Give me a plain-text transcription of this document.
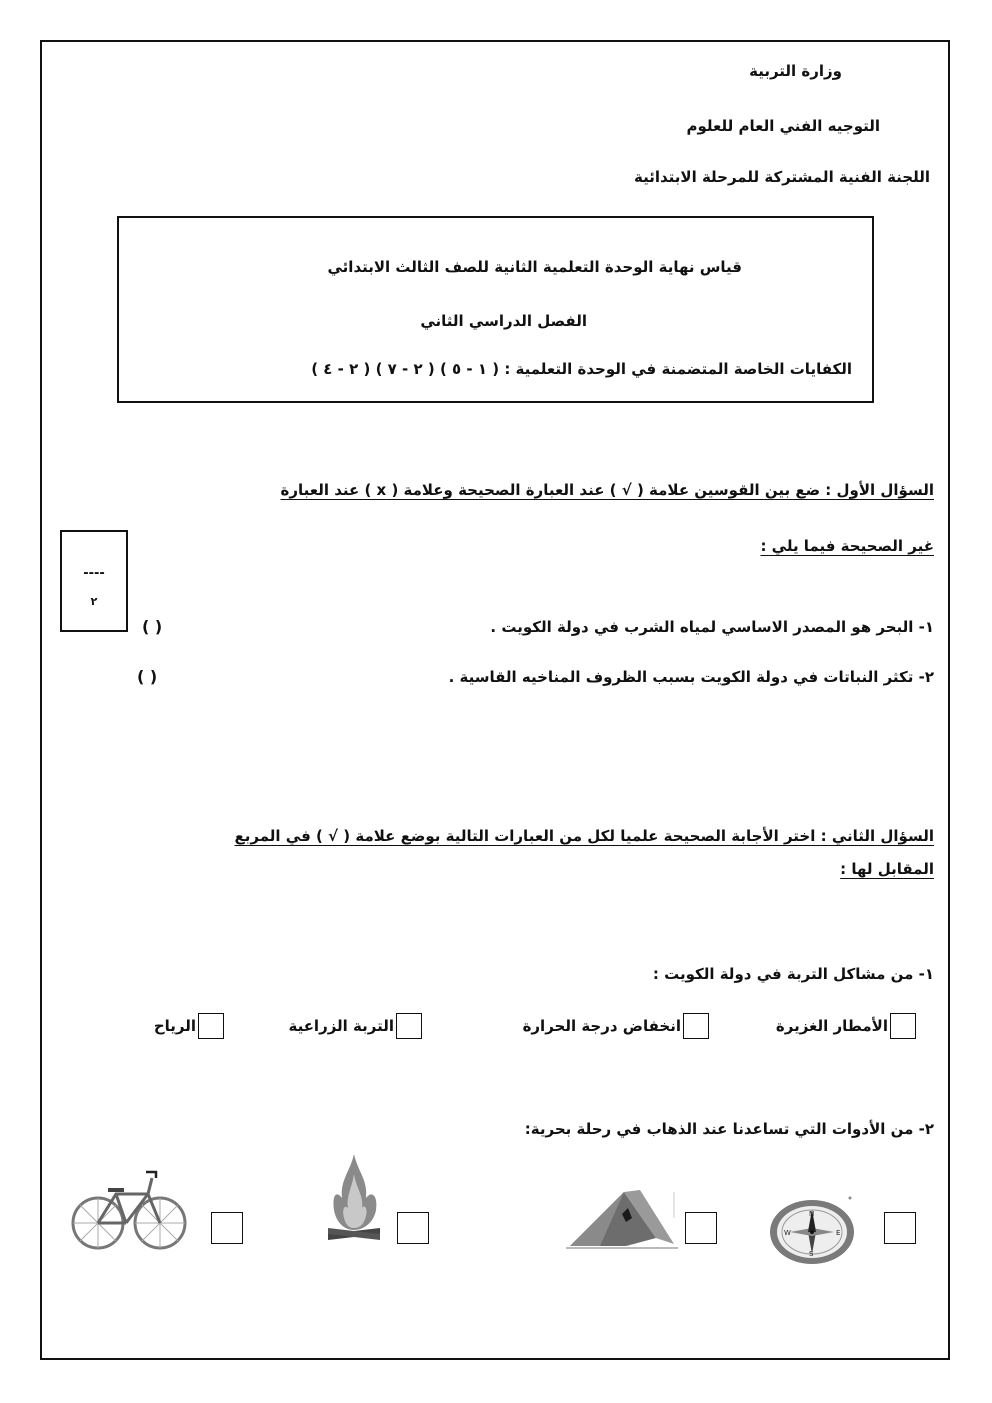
وزارة التربية
التوجيه الفني العام للعلوم
اللجنة الفنية المشتركة للمرحلة الابتدائية
قياس نهاية الوحدة التعلمية الثانية للصف الثالث الابتدائي
الفصل الدراسي الثاني
الكفايات الخاصة المتضمنة في الوحدة التعلمية : ( ١ - ٥ ) ( ٢ - ٧ ) ( ٢ - ٤ )
السؤال الأول : ضع بين القوسين علامة ( √ ) عند العبارة الصحيحة وعلامة ( x ) عند العبارة
غير الصحيحة فيما يلي :
----
٢
١- البحر هو المصدر الاساسي لمياه الشرب في دولة الكويت .
( )
٢- تكثر النباتات في دولة الكويت بسبب الظروف المناخيه القاسية .
( )
السؤال الثاني : اختر الأجابة الصحيحة علميا لكل من العبارات التالية بوضع علامة ( √ ) في المربع
المقابل لها :
١- من مشاكل التربة في دولة الكويت :
الأمطار الغزيرة
انخفاض درجة الحرارة
التربة الزراعية
الرياح
٢- من الأدوات التي تساعدنا عند الذهاب في رحلة بحرية:
N
S
W	E
